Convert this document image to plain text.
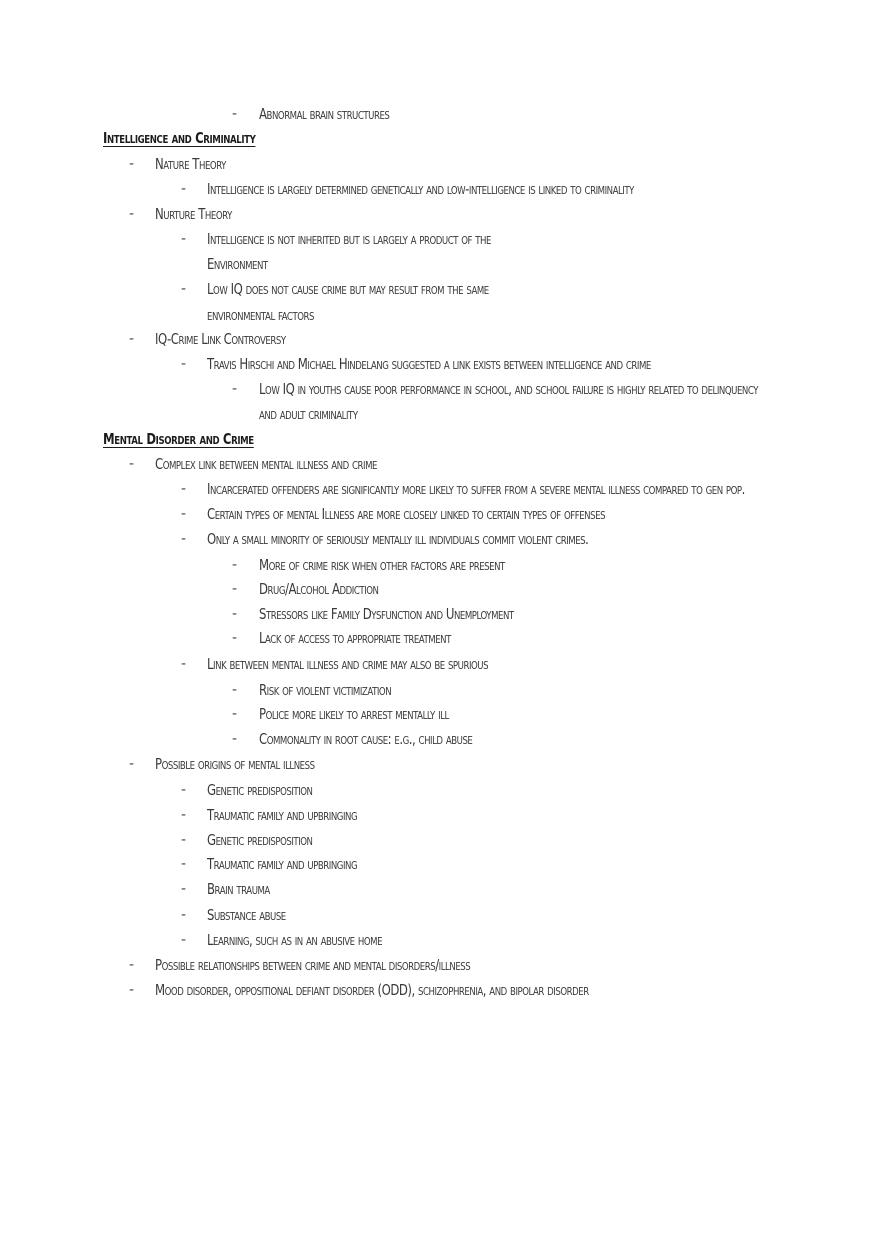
- Abnormal brain structures
Intelligence and Criminality
- Nature Theory
- Intelligence is largely determined genetically and low-intelligence is linked to criminality
- Nurture Theory
- Intelligence is not inherited but is largely a product of the
Environment
- Low IQ does not cause crime but may result from the same
environmental factors
- IQ-Crime Link Controversy
- Travis Hirschi and Michael Hindelang suggested a link exists between intelligence and crime
- Low IQ in youths cause poor performance in school, and school failure is highly related to delinquency
and adult criminality
Mental Disorder and Crime
- Complex link between mental illness and crime
- Incarcerated offenders are significantly more likely to suffer from a severe mental illness compared to gen pop.
- Certain types of mental Illness are more closely linked to certain types of offenses
- Only a small minority of seriously mentally ill individuals commit violent crimes.
- More of crime risk when other factors are present
- Drug/Alcohol Addiction
- Stressors like Family Dysfunction and Unemployment
- Lack of access to appropriate treatment
- Link between mental illness and crime may also be spurious
- Risk of violent victimization
- Police more likely to arrest mentally ill
- Commonality in root cause: e.g., child abuse
- Possible origins of mental illness
- Genetic predisposition
- Traumatic family and upbringing
- Genetic predisposition
- Traumatic family and upbringing
- Brain trauma
- Substance abuse
- Learning, such as in an abusive home
- Possible relationships between crime and mental disorders/illness
- Mood disorder, oppositional defiant disorder (ODD), schizophrenia, and bipolar disorder
